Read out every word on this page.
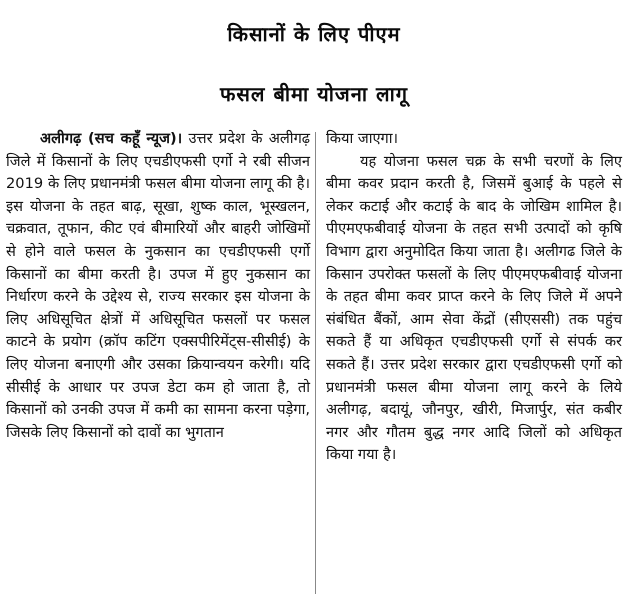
किसानों के लिए पीएम
फसल बीमा योजना लागू

अलीगढ़ (सच कहूँ न्यूज)। उत्तर प्रदेश के अलीगढ़ जिले में किसानों के लिए एचडीएफसी एर्गो ने रबी सीजन 2019 के लिए प्रधानमंत्री फसल बीमा योजना लागू की है। इस योजना के तहत बाढ़, सूखा, शुष्क काल, भूस्खलन, चक्रवात, तूफान, कीट एवं बीमारियों और बाहरी जोखिमों से होने वाले फसल के नुकसान का एचडीएफसी एर्गो किसानों का बीमा करती है। उपज में हुए नुकसान का निर्धारण करने के उद्देश्य से, राज्य सरकार इस योजना के लिए अधिसूचित क्षेत्रों में अधिसूचित फसलों पर फसल काटने के प्रयोग (क्रॉप कटिंग एक्सपीरिमेंट्स-सीसीई) के लिए योजना बनाएगी और उसका क्रियान्वयन करेगी। यदि सीसीई के आधार पर उपज डेटा कम हो जाता है, तो किसानों को उनकी उपज में कमी का सामना करना पड़ेगा, जिसके लिए किसानों को दावों का भुगतान

किया जाएगा।

यह योजना फसल चक्र के सभी चरणों के लिए बीमा कवर प्रदान करती है, जिसमें बुआई के पहले से लेकर कटाई और कटाई के बाद के जोखिम शामिल है। पीएमएफबीवाई योजना के तहत सभी उत्पादों को कृषि विभाग द्वारा अनुमोदित किया जाता है। अलीगढ जिले के किसान उपरोक्त फसलों के लिए पीएमएफबीवाई योजना के तहत बीमा कवर प्राप्त करने के लिए जिले में अपने संबंधित बैंकों, आम सेवा केंद्रों (सीएससी) तक पहुंच सकते हैं या अधिकृत एचडीएफसी एर्गो से संपर्क कर सकते हैं। उत्तर प्रदेश सरकार द्वारा एचडीएफसी एर्गो को प्रधानमंत्री फसल बीमा योजना लागू करने के लिये अलीगढ़, बदायूं, जौनपुर, खीरी, मिजार्पुर, संत कबीर नगर और गौतम बुद्ध नगर आदि जिलों को अधिकृत किया गया है।
